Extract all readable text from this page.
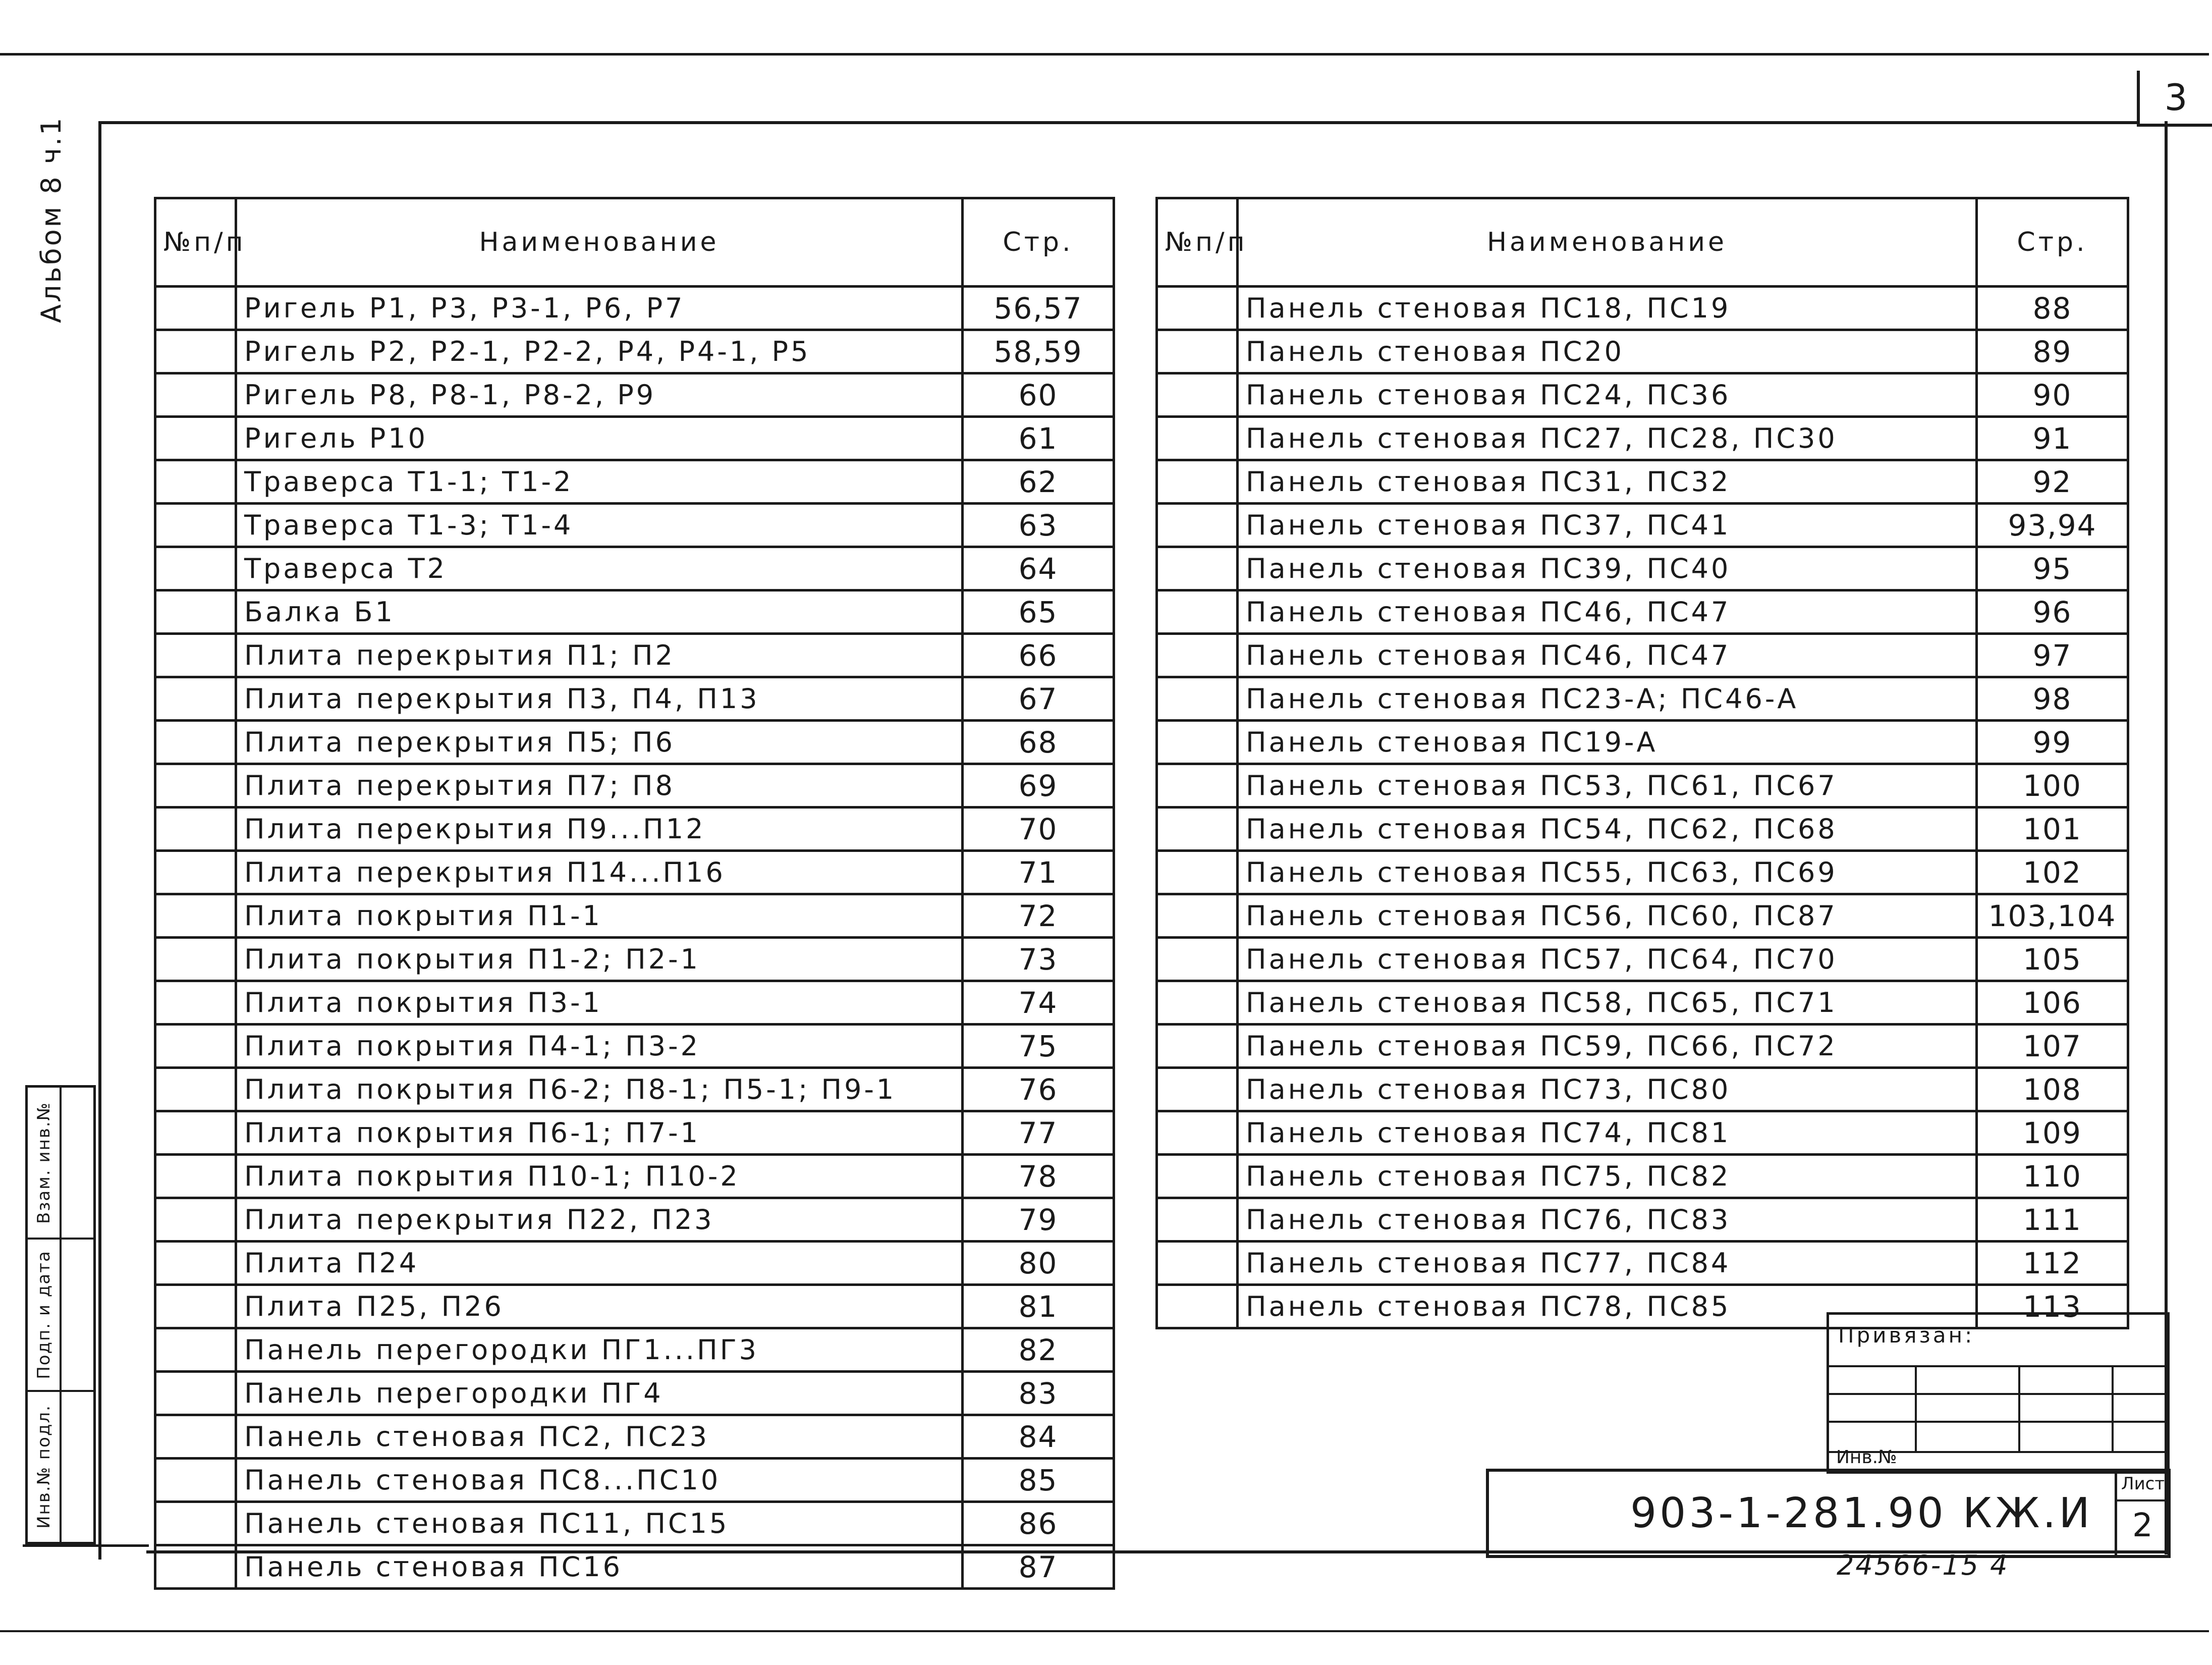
3
Альбом 8 ч.1
Взам. инв.№
Подп. и дата
Инв.№ подл.
№п/п	Наименование	Стр.
	Ригель Р1, Р3, Р3-1, Р6, Р7	56,57
	Ригель Р2, Р2-1, Р2-2, Р4, Р4-1, Р5	58,59
	Ригель Р8, Р8-1, Р8-2, Р9	60
	Ригель Р10	61
	Траверса Т1-1; Т1-2	62
	Траверса Т1-3; Т1-4	63
	Траверса Т2	64
	Балка Б1	65
	Плита перекрытия П1; П2	66
	Плита перекрытия П3, П4, П13	67
	Плита перекрытия П5; П6	68
	Плита перекрытия П7; П8	69
	Плита перекрытия П9...П12	70
	Плита перекрытия П14...П16	71
	Плита покрытия П1-1	72
	Плита покрытия П1-2; П2-1	73
	Плита покрытия П3-1	74
	Плита покрытия П4-1; П3-2	75
	Плита покрытия П6-2; П8-1; П5-1; П9-1	76
	Плита покрытия П6-1; П7-1	77
	Плита покрытия П10-1; П10-2	78
	Плита перекрытия П22, П23	79
	Плита П24	80
	Плита П25, П26	81
	Панель перегородки ПГ1...ПГ3	82
	Панель перегородки ПГ4	83
	Панель стеновая ПС2, ПС23	84
	Панель стеновая ПС8...ПС10	85
	Панель стеновая ПС11, ПС15	86
	Панель стеновая ПС16	87
№п/п	Наименование	Стр.
	Панель стеновая ПС18, ПС19	88
	Панель стеновая ПС20	89
	Панель стеновая ПС24, ПС36	90
	Панель стеновая ПС27, ПС28, ПС30	91
	Панель стеновая ПС31, ПС32	92
	Панель стеновая ПС37, ПС41	93,94
	Панель стеновая ПС39, ПС40	95
	Панель стеновая ПС46, ПС47	96
	Панель стеновая ПС46, ПС47	97
	Панель стеновая ПС23-А; ПС46-А	98
	Панель стеновая ПС19-А	99
	Панель стеновая ПС53, ПС61, ПС67	100
	Панель стеновая ПС54, ПС62, ПС68	101
	Панель стеновая ПС55, ПС63, ПС69	102
	Панель стеновая ПС56, ПС60, ПС87	103,104
	Панель стеновая ПС57, ПС64, ПС70	105
	Панель стеновая ПС58, ПС65, ПС71	106
	Панель стеновая ПС59, ПС66, ПС72	107
	Панель стеновая ПС73, ПС80	108
	Панель стеновая ПС74, ПС81	109
	Панель стеновая ПС75, ПС82	110
	Панель стеновая ПС76, ПС83	111
	Панель стеновая ПС77, ПС84	112
	Панель стеновая ПС78, ПС85	113
Привязан:
Инв.№
903-1-281.90 КЖ.И
Лист
2
24566-15 4
